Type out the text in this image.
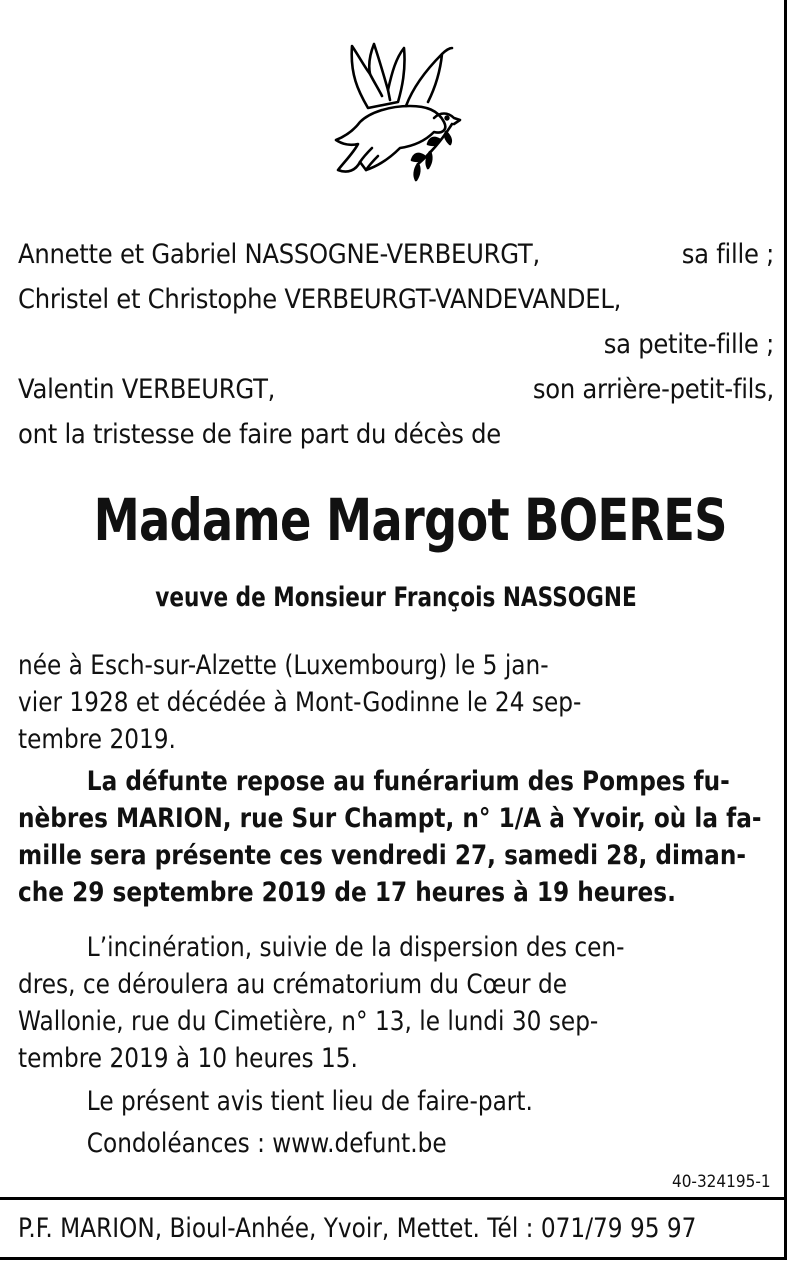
Annette et Gabriel NASSOGNE-VERBEURGT,	sa fille ;
Christel et Christophe VERBEURGT-VANDEVANDEL,
sa petite-fille ;
Valentin VERBEURGT,	son arrière-petit-fils,
ont la tristesse de faire part du décès de
Madame Margot BOERES
veuve de Monsieur François NASSOGNE
née à Esch-sur-Alzette (Luxembourg) le 5 jan-
vier 1928 et décédée à Mont-Godinne le 24 sep-
tembre 2019.
La défunte repose au funérarium des Pompes fu-
nèbres MARION, rue Sur Champt, n° 1/A à Yvoir, où la fa-
mille sera présente ces vendredi 27, samedi 28, diman-
che 29 septembre 2019 de 17 heures à 19 heures.
L’incinération, suivie de la dispersion des cen-
dres, ce déroulera au crématorium du Cœur de
Wallonie, rue du Cimetière, n° 13, le lundi 30 sep-
tembre 2019 à 10 heures 15.
Le présent avis tient lieu de faire-part.
Condoléances : www.defunt.be
40-324195-1
P.F. MARION, Bioul-Anhée, Yvoir, Mettet. Tél : 071/79 95 97
